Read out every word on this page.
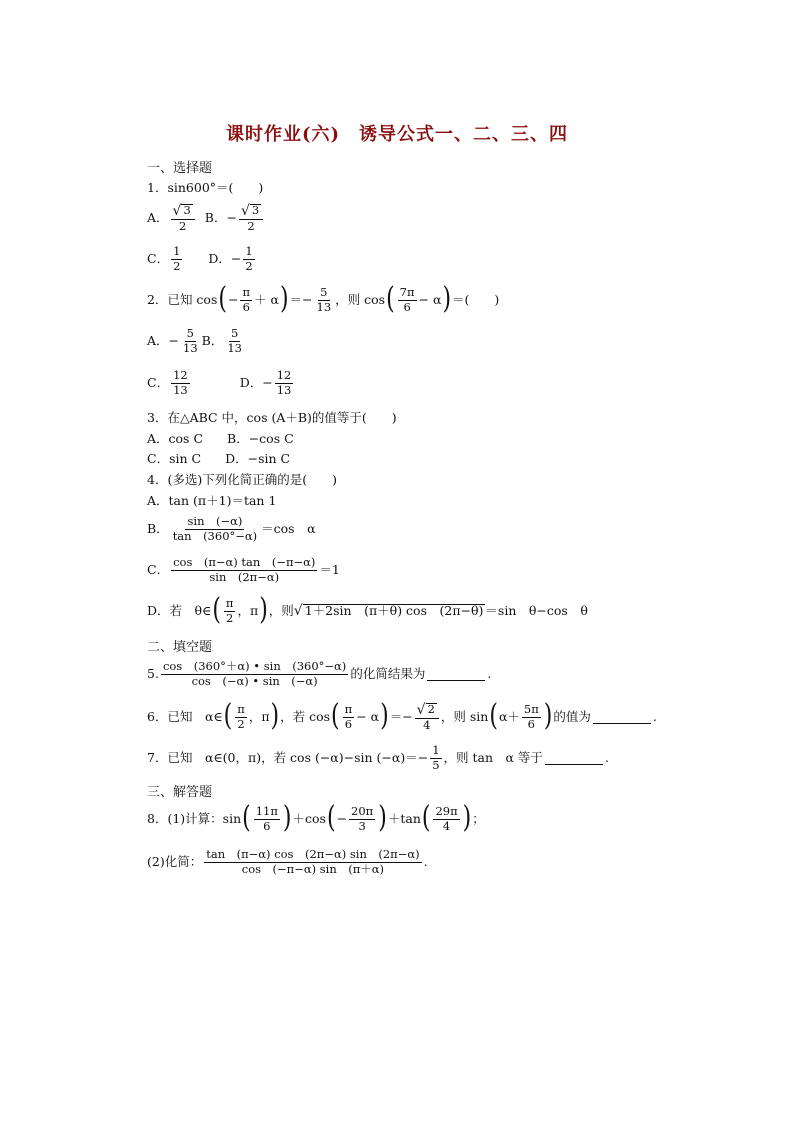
课时作业(六)　诱导公式一、二、三、四
一、选择题
1．sin600°＝(　　)
A． √ 3
2
B．− $\frac{√ 3}{2}$
C． 1
2 D．− $\frac{1}{2}$
2．已知 cos ( − $\frac{\pi}{6} + \alpha$ ) ＝− $\frac{5}{13}$ ，则 cos ( 7π
6 − α ) ＝(　　)
A．− $\frac{5}{13}$ B． 5
13
C． 12
13	D．− $\frac{12}{13}$
3．在△ABC 中，cos (A＋B)的值等于(　　)
A．cos C B．−cos C
C．sin C D．−sin C
4．(多选)下列化简正确的是(　　)
A．tan (π＋1)＝tan 1
B． sin　(−α)
tan　(360°−α) ＝cos　α
C． cos　(π−α) tan　(−π−α)
sin　(2π−α)	＝1
D．若　θ∈ ( π
2 ，π ) ，则 √ 1＋2sin　(π＋θ) cos　(2π−θ) ＝sin　θ−cos　θ
二、填空题
5. cos　(360°＋α) • sin　(360°−α)
cos　(−α) • sin　(−α)	的化简结果为	.
6．已知　α∈ ( π
2 ，π ) ，若 cos ( π
6 − α ) ＝− $\frac{√ 2}{4}$ ，则 sin ( α＋ 5π
6 ) 的值为	.
7．已知　α∈(0，π)，若 cos (−α)−sin $(-\alpha)=- \frac{1}{5}$ ，则 tan　α 等于	.
三、解答题
8．(1)计算：sin ( 11π
6 ) ＋cos ( − $\frac{20\pi}{3}$ ) ＋tan ( 29π
4 ) ；
(2)化简： tan　(π−α) cos　(2π−α) sin　(2π−α)
cos　(−π−α) sin　(π＋α)	.
